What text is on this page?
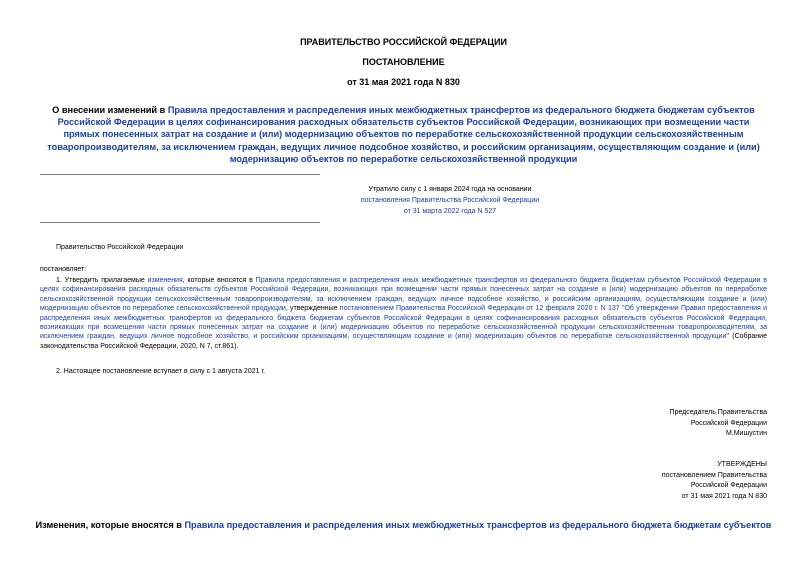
ПРАВИТЕЛЬСТВО РОССИЙСКОЙ ФЕДЕРАЦИИ
ПОСТАНОВЛЕНИЕ
от 31 мая 2021 года N 830
О внесении изменений в Правила предоставления и распределения иных межбюджетных трансфертов из федерального бюджета бюджетам субъектов Российской Федерации в целях софинансирования расходных обязательств субъектов Российской Федерации, возникающих при возмещении части прямых понесенных затрат на создание и (или) модернизацию объектов по переработке сельскохозяйственной продукции сельскохозяйственным товаропроизводителям, за исключением граждан, ведущих личное подсобное хозяйство, и российским организациям, осуществляющим создание и (или) модернизацию объектов по переработке сельскохозяйственной продукции
Утратило силу с 1 января 2024 года на основании
постановления Правительства Российской Федерации
от 31 марта 2022 года N 527
Правительство Российской Федерации
постановляет:
1. Утвердить прилагаемые изменения, которые вносятся в Правила предоставления и распределения иных межбюджетных трансфертов из федерального бюджета бюджетам субъектов Российской Федерации в целях софинансирования расходных обязательств субъектов Российской Федерации, возникающих при возмещении части прямых понесенных затрат на создание и (или) модернизацию объектов по переработке сельскохозяйственной продукции сельскохозяйственным товаропроизводителям, за исключением граждан, ведущих личное подсобное хозяйство, и российским организациям, осуществляющим создание и (или) модернизацию объектов по переработке сельскохозяйственной продукции, утвержденные постановлением Правительства Российской Федерации от 12 февраля 2020 г. N 137 "Об утверждении Правил предоставления и распределения иных межбюджетных трансфертов из федерального бюджета бюджетам субъектов Российской Федерации в целях софинансирования расходных обязательств субъектов Российской Федерации, возникающих при возмещении части прямых понесенных затрат на создание и (или) модернизацию объектов по переработке сельскохозяйственной продукции сельскохозяйственным товаропроизводителям, за исключением граждан, ведущих личное подсобное хозяйство, и российским организациям, осуществляющим создание и (или) модернизацию объектов по переработке сельскохозяйственной продукции" (Собрание законодательства Российской Федерации, 2020, N 7, ст.861).
2. Настоящее постановление вступает в силу с 1 августа 2021 г.
Председатель Правительства
Российской Федерации
М.Мишустин
УТВЕРЖДЕНЫ
постановлением Правительства
Российской Федерации
от 31 мая 2021 года N 830
Изменения, которые вносятся в Правила предоставления и распределения иных межбюджетных трансфертов из федерального бюджета бюджетам субъектов
